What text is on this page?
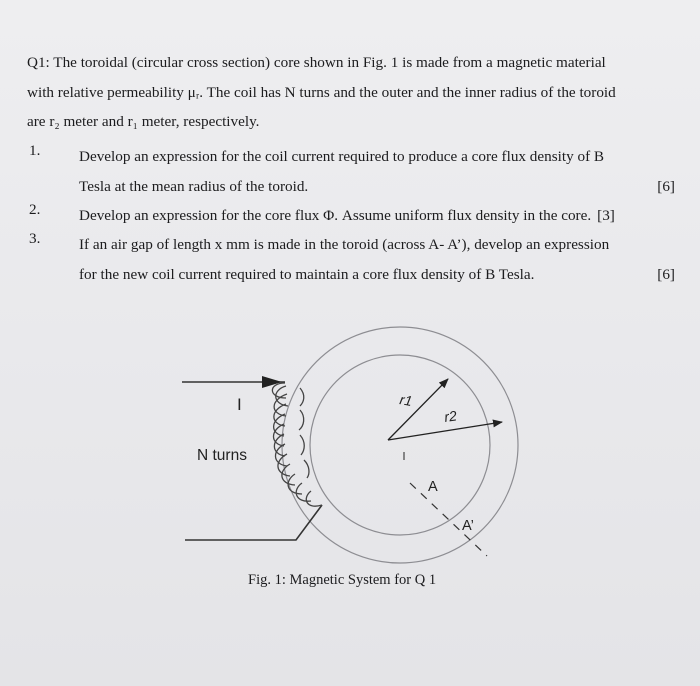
Q1: The toroidal (circular cross section) core shown in Fig. 1 is made from a magnetic material
with relative permeability μᵣ. The coil has N turns and the outer and the inner radius of the toroid
are r₂ meter and r₁ meter, respectively.
1.	Develop an expression for the coil current required to produce a core flux density of B
Tesla at the mean radius of the toroid.	[6]
2.	Develop an expression for the core flux Φ. Assume uniform flux density in the core. [3]
3.	If an air gap of length x mm is made in the toroid (across A- A’), develop an expression
for the new coil current required to maintain a core flux density of B Tesla.	[6]
I
N turns
r1
r2
A
A’
Fig. 1: Magnetic System for Q 1
